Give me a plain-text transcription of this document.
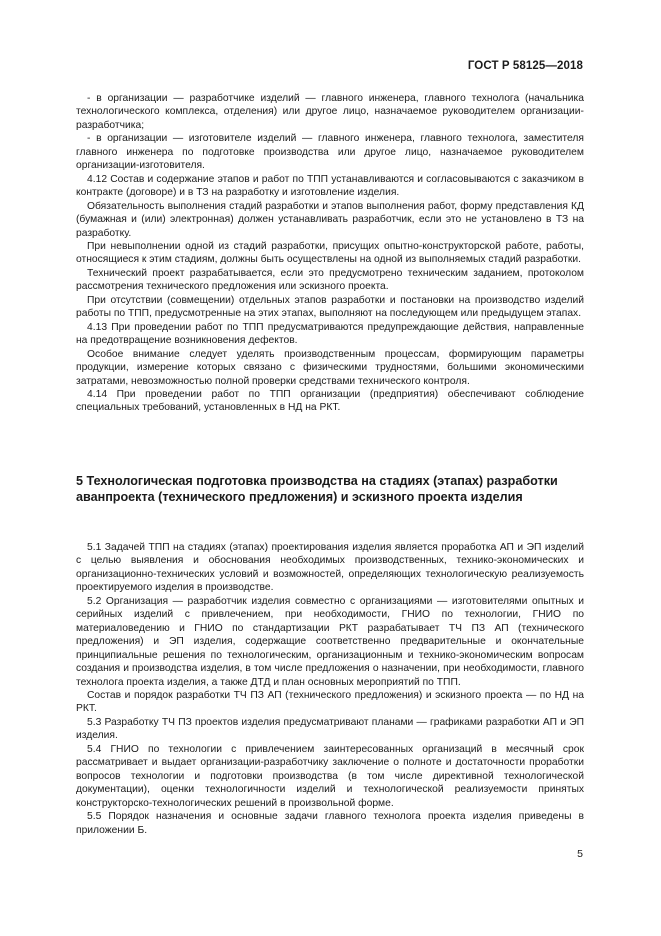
ГОСТ Р 58125—2018

- в организации — разработчике изделий — главного инженера, главного технолога (начальника технологического комплекса, отделения) или другое лицо, назначаемое руководителем организации-разработчика;

- в организации — изготовителе изделий — главного инженера, главного технолога, заместителя главного инженера по подготовке производства или другое лицо, назначаемое руководителем организации-изготовителя.

4.12 Состав и содержание этапов и работ по ТПП устанавливаются и согласовываются с заказчиком в контракте (договоре) и в ТЗ на разработку и изготовление изделия.

Обязательность выполнения стадий разработки и этапов выполнения работ, форму представления КД (бумажная и (или) электронная) должен устанавливать разработчик, если это не установлено в ТЗ на разработку.

При невыполнении одной из стадий разработки, присущих опытно-конструкторской работе, работы, относящиеся к этим стадиям, должны быть осуществлены на одной из выполняемых стадий разработки.

Технический проект разрабатывается, если это предусмотрено техническим заданием, протоколом рассмотрения технического предложения или эскизного проекта.

При отсутствии (совмещении) отдельных этапов разработки и постановки на производство изделий работы по ТПП, предусмотренные на этих этапах, выполняют на последующем или предыдущем этапах.

4.13 При проведении работ по ТПП предусматриваются предупреждающие действия, направленные на предотвращение возникновения дефектов.

Особое внимание следует уделять производственным процессам, формирующим параметры продукции, измерение которых связано с физическими трудностями, большими экономическими затратами, невозможностью полной проверки средствами технического контроля.

4.14 При проведении работ по ТПП организации (предприятия) обеспечивают соблюдение специальных требований, установленных в НД на РКТ.

5 Технологическая подготовка производства на стадиях (этапах) разработки аванпроекта (технического предложения) и эскизного проекта изделия

5.1 Задачей ТПП на стадиях (этапах) проектирования изделия является проработка АП и ЭП изделий с целью выявления и обоснования необходимых производственных, технико-экономических и организационно-технических условий и возможностей, определяющих технологическую реализуемость проектируемого изделия в производстве.

5.2 Организация — разработчик изделия совместно с организациями — изготовителями опытных и серийных изделий с привлечением, при необходимости, ГНИО по технологии, ГНИО по материаловедению и ГНИО по стандартизации РКТ разрабатывает ТЧ ПЗ АП (технического предложения) и ЭП изделия, содержащие соответственно предварительные и окончательные принципиальные решения по технологическим, организационным и технико-экономическим вопросам создания и производства изделия, в том числе предложения о назначении, при необходимости, главного технолога проекта изделия, а также ДТД и план основных мероприятий по ТПП.

Состав и порядок разработки ТЧ ПЗ АП (технического предложения) и эскизного проекта — по НД на РКТ.

5.3 Разработку ТЧ ПЗ проектов изделия предусматривают планами — графиками разработки АП и ЭП изделия.

5.4 ГНИО по технологии с привлечением заинтересованных организаций в месячный срок рассматривает и выдает организации-разработчику заключение о полноте и достаточности проработки вопросов технологии и подготовки производства (в том числе директивной технологической документации), оценки технологичности изделий и технологической реализуемости принятых конструкторско-технологических решений в произвольной форме.

5.5 Порядок назначения и основные задачи главного технолога проекта изделия приведены в приложении Б.

5
